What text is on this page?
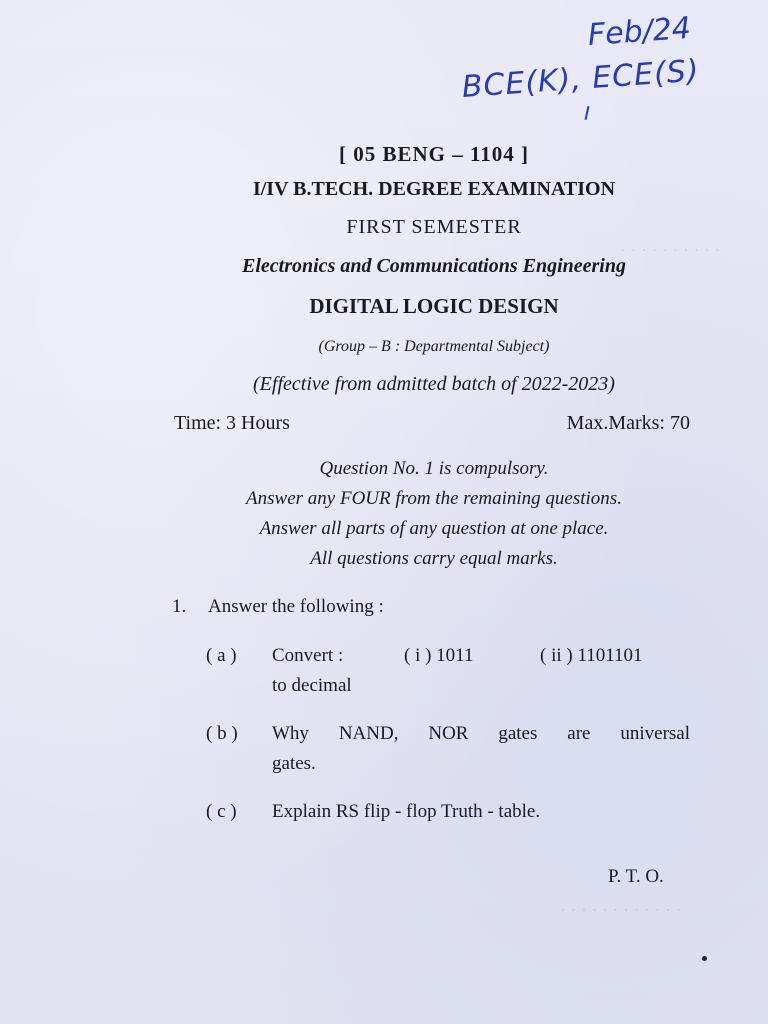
Feb/24
BCE(K), ECE(S)
· · · · · · · · · ·
· · · · · · · · · · · ·
[ 05 BENG – 1104 ]
I/IV B.TECH. DEGREE EXAMINATION
FIRST SEMESTER
Electronics and Communications Engineering
DIGITAL LOGIC DESIGN
(Group – B : Departmental Subject)
(Effective from admitted batch of 2022-2023)
Time: 3 Hours	Max.Marks: 70
Question No. 1 is compulsory.
Answer any FOUR from the remaining questions.
Answer all parts of any question at one place.
All questions carry equal marks.
1. Answer the following :
( a ) Convert :	( i ) 1011	( ii ) 1101101
to decimal
( b ) Why NAND, NOR gates are universal
gates.
( c ) Explain RS flip - flop Truth - table.
P. T. O.
